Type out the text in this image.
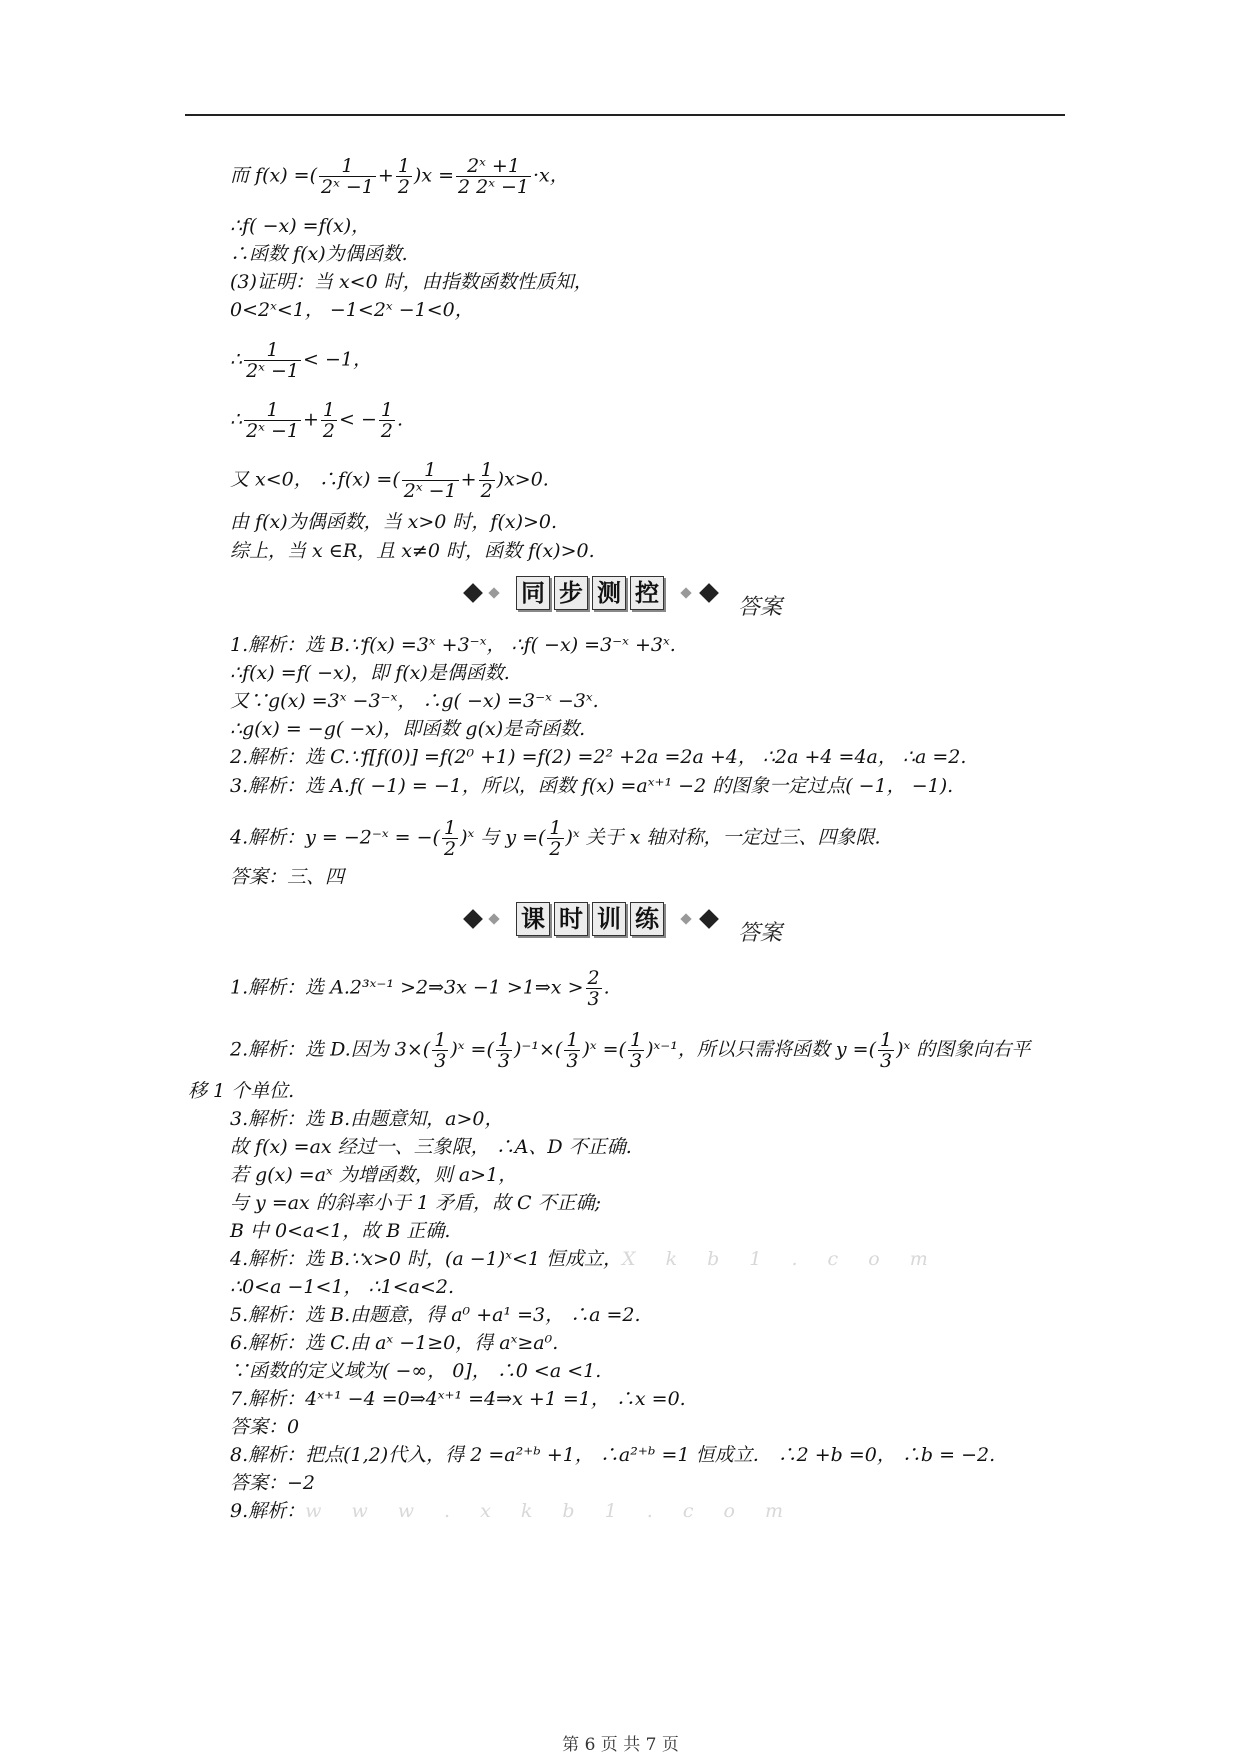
而 f(x) =( $\frac{1}{\text{2ˣ −1}} + \frac{1}{2} )x = \frac{\text{2ˣ +1}}{\text{2 2ˣ −1}} \cdot x$，
∴f( −x) =f(x)，
∴函数 f(x)为偶函数.
(3)证明：当 x<0 时，由指数函数性质知，
0<2ˣ<1， −1<2ˣ −1<0，
∴ $\frac{1}{\text{2ˣ −1}} < -1$，
∴ $\frac{1}{\text{2ˣ −1}} + \frac{1}{2}$ < − $\frac{1}{2}$ .
又 x<0， ∴f(x) =( $\frac{1}{\text{2ˣ −1}} + \frac{1}{2} )x>0$.
由 f(x)为偶函数，当 x>0 时，f(x)>0.
综上，当 x ∈R，且 x≠0 时，函数 f(x)>0.
同 步 测 控
答案
1.解析：选 B.∵f(x) =3ˣ +3⁻ˣ， ∴f( −x) =3⁻ˣ +3ˣ.
∴f(x) =f( −x)，即 f(x)是偶函数.
又∵g(x) =3ˣ −3⁻ˣ， ∴g( −x) =3⁻ˣ −3ˣ.
∴g(x) = −g( −x)，即函数 g(x)是奇函数.
2.解析：选 C.∵f[f(0)] =f(2⁰ +1) =f(2) =2² +2a =2a +4， ∴2a +4 =4a， ∴a =2.
3.解析：选 A.f( −1) = −1，所以，函数 f(x) =aˣ⁺¹ −2 的图象一定过点( −1， −1).
4.解析：y = −2⁻ˣ = −( $\frac{1}{2}$ )ˣ 与 y =( $\frac{1}{2}$ )ˣ 关于 x 轴对称，一定过三、四象限.
答案：三、四
课 时 训 练
答案
1.解析：选 A.2³ˣ⁻¹ >2⇒3x −1 >1⇒x > $\frac{2}{3}$ .
2.解析：选 D.因为 $3\times( \frac{1}{3}$ )ˣ =( $\frac{1}{3} )^{-1}\times( \frac{1}{3}$ )ˣ =( $\frac{1}{3}$ )ˣ⁻¹，所以只需将函数 y =( $\frac{1}{3}$ )ˣ 的图象向右平
移 1 个单位.
3.解析：选 B.由题意知，a>0，
故 f(x) =ax 经过一、三象限， ∴A、D 不正确.
若 g(x) =aˣ 为增函数，则 a>1，
与 y =ax 的斜率小于 1 矛盾，故 C 不正确;
B 中 0<a<1，故 B 正确.
4.解析：选 B.∵x>0 时，(a −1)ˣ<1 恒成立，X k b 1 . c o m
∴0<a −1<1， ∴1<a<2.
5.解析：选 B.由题意，得 a⁰ +a¹ =3， ∴a =2.
6.解析：选 C.由 aˣ −1≥0，得 aˣ≥a⁰.
∵函数的定义域为( −∞， 0]， ∴0 <a <1.
7.解析：4ˣ⁺¹ −4 =0⇒4ˣ⁺¹ =4⇒x +1 =1， ∴x =0.
答案：0
8.解析：把点(1,2)代入，得 2 =a²⁺ᵇ +1， ∴a²⁺ᵇ =1 恒成立． ∴2 +b =0， ∴b = −2.
答案：−2
9.解析：w w w . x k b 1 . c o m
第 6 页 共 7 页
